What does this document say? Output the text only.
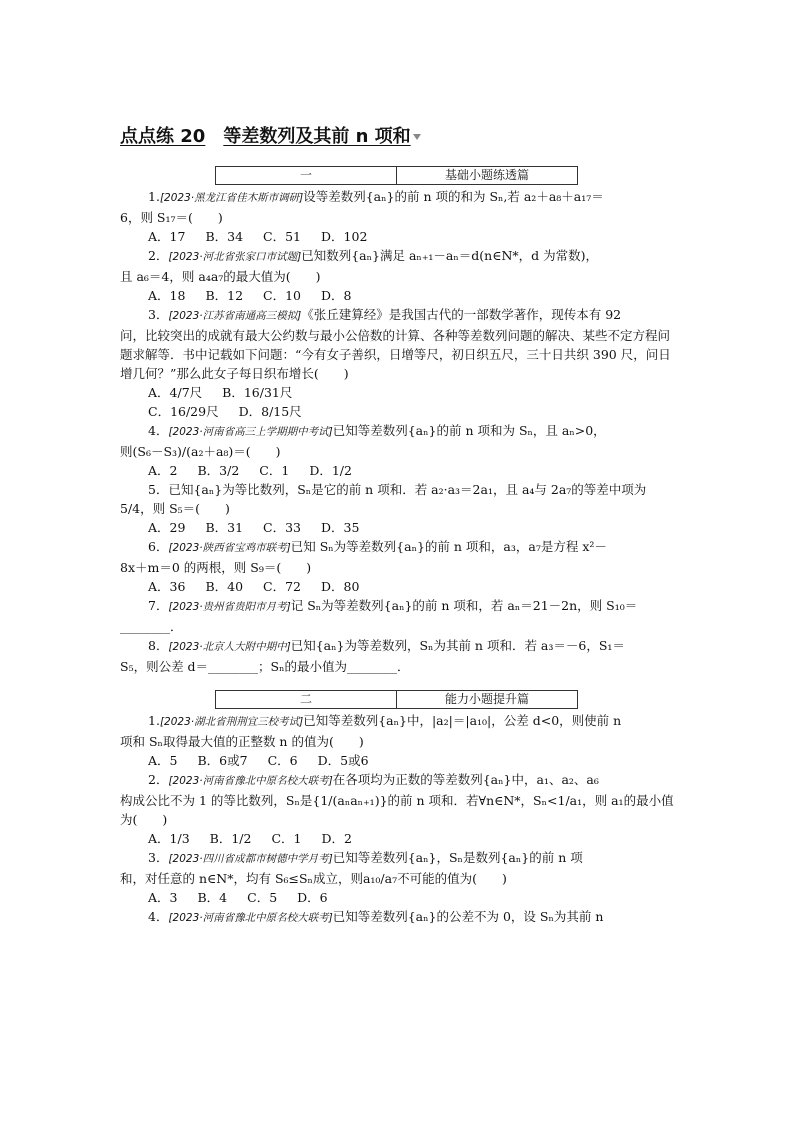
点点练 20 等差数列及其前 n 项和
一	基础小题练透篇

1.[2023·黑龙江省佳木斯市调研]设等差数列{aₙ}的前 n 项的和为 Sₙ,若 a₂＋a₈＋a₁₇＝

6，则 S₁₇＝(　　)

A．17 B．34 C．51 D．102

2．[2023·河北省张家口市试题]已知数列{aₙ}满足 aₙ₊₁－aₙ＝d(n∈N*，d 为常数)，

且 a₆＝4，则 a₄a₇的最大值为(　　)

A．18 B．12 C．10 D．8

3．[2023·江苏省南通高三模拟]《张丘建算经》是我国古代的一部数学著作，现传本有 92

问，比较突出的成就有最大公约数与最小公倍数的计算、各种等差数列问题的解决、某些不定方程问题求解等．书中记载如下问题：“今有女子善织，日增等尺，初日织五尺，三十日共织 390 尺，问日增几何？”那么此女子每日织布增长(　　)

A．4/7尺 B．16/31尺

C．16/29尺 D．8/15尺

4．[2023·河南省高三上学期期中考试]已知等差数列{aₙ}的前 n 项和为 Sₙ，且 aₙ>0，

则(S₆－S₃)/(a₂＋a₈)＝(　　)

A．2 B．3/2 C．1 D．1/2

5．已知{aₙ}为等比数列，Sₙ是它的前 n 项和．若 a₂·a₃＝2a₁，且 a₄与 2a₇的等差中项为

5/4，则 S₅＝(　　)

A．29 B．31 C．33 D．35

6．[2023·陕西省宝鸡市联考]已知 Sₙ为等差数列{aₙ}的前 n 项和，a₃，a₇是方程 x²－

8x＋m＝0 的两根，则 S₉＝(　　)

A．36 B．40 C．72 D．80

7．[2023·贵州省贵阳市月考]记 Sₙ为等差数列{aₙ}的前 n 项和，若 aₙ＝21－2n，则 S₁₀＝

________．

8．[2023·北京人大附中期中]已知{aₙ}为等差数列，Sₙ为其前 n 项和．若 a₃＝－6，S₁＝

S₅，则公差 d＝________；Sₙ的最小值为________．

二	能力小题提升篇

1.[2023·湖北省荆荆宜三校考试]已知等差数列{aₙ}中，|a₂|＝|a₁₀|，公差 d<0，则使前 n

项和 Sₙ取得最大值的正整数 n 的值为(　　)

A．5 B．6或7 C．6 D．5或6

2．[2023·河南省豫北中原名校大联考]在各项均为正数的等差数列{aₙ}中，a₁、a₂、a₆

构成公比不为 1 的等比数列，Sₙ是{1/(aₙaₙ₊₁)}的前 n 项和．若∀n∈N*，Sₙ<1/a₁，则 a₁的最小值为(　　)

A．1/3 B．1/2 C．1 D．2

3．[2023·四川省成都市树德中学月考]已知等差数列{aₙ}，Sₙ是数列{aₙ}的前 n 项

和，对任意的 n∈N*，均有 S₆≤Sₙ成立，则a₁₀/a₇不可能的值为(　　)

A．3 B．4 C．5 D．6

4．[2023·河南省豫北中原名校大联考]已知等差数列{aₙ}的公差不为 0，设 Sₙ为其前 n
